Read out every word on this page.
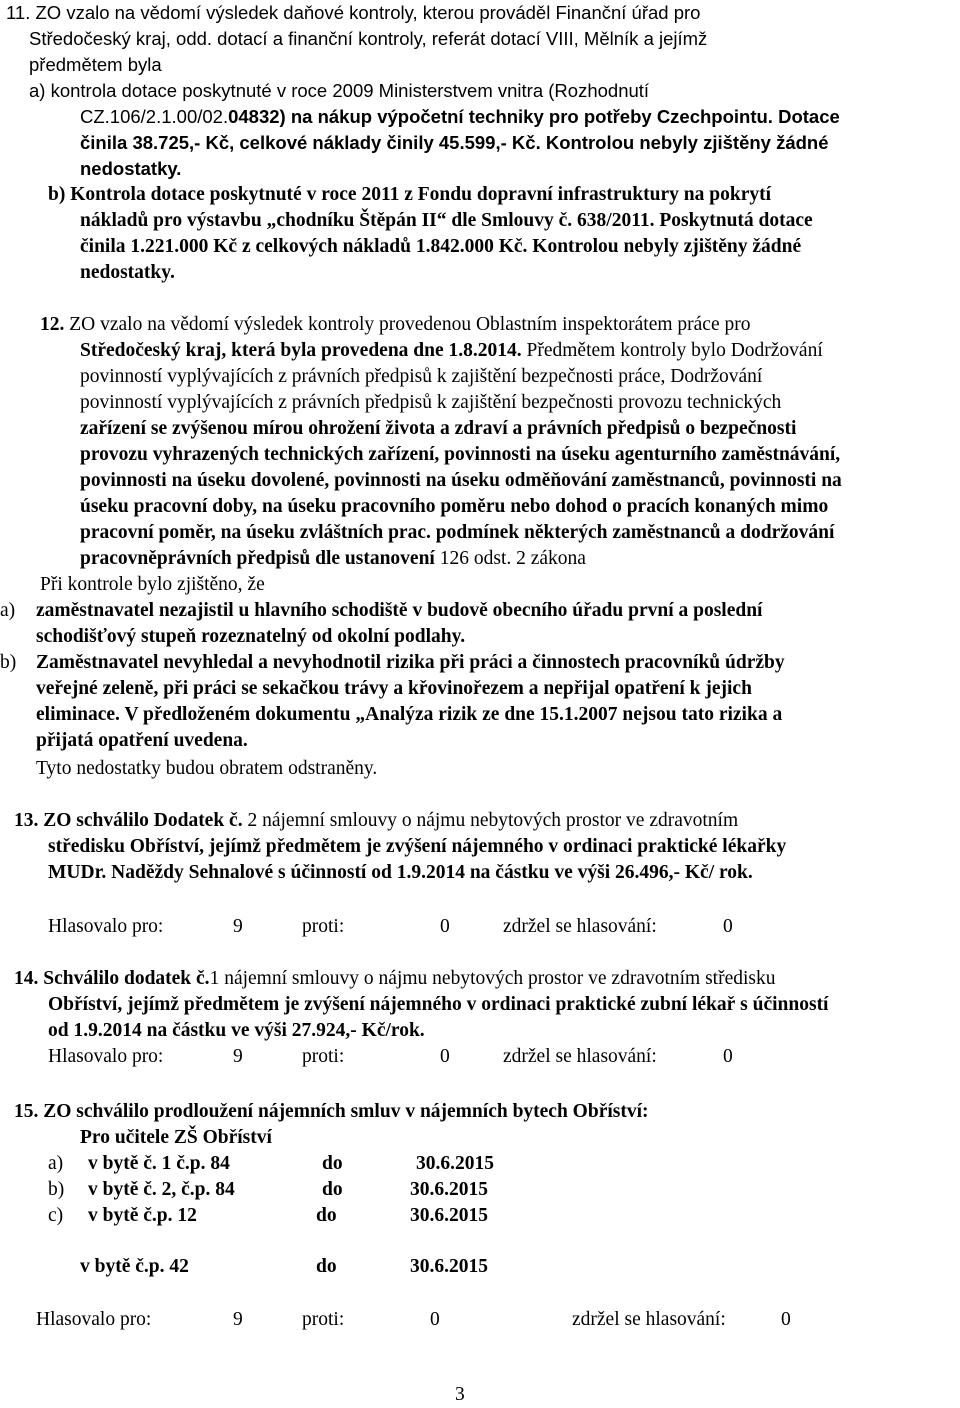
11. ZO vzalo na vědomí výsledek daňové kontroly, kterou prováděl Finanční úřad pro
Středočeský kraj, odd. dotací a finanční kontroly, referát dotací VIII, Mělník a jejímž
předmětem byla
a) kontrola dotace poskytnuté v roce 2009 Ministerstvem vnitra (Rozhodnutí
CZ.106/2.1.00/02.04832) na nákup výpočetní techniky pro potřeby Czechpointu. Dotace
činila 38.725,- Kč, celkové náklady činily 45.599,- Kč. Kontrolou nebyly zjištěny žádné
nedostatky.
b) Kontrola dotace poskytnuté v roce 2011 z Fondu dopravní infrastruktury na pokrytí
nákladů pro výstavbu „chodníku Štěpán II“ dle Smlouvy č. 638/2011. Poskytnutá dotace
činila 1.221.000 Kč z celkových nákladů 1.842.000 Kč. Kontrolou nebyly zjištěny žádné
nedostatky.
12. ZO vzalo na vědomí výsledek kontroly provedenou Oblastním inspektorátem práce pro
Středočeský kraj, která byla provedena dne 1.8.2014. Předmětem kontroly bylo Dodržování
povinností vyplývajících z právních předpisů k zajištění bezpečnosti práce, Dodržování
povinností vyplývajících z právních předpisů k zajištění bezpečnosti provozu technických
zařízení se zvýšenou mírou ohrožení života a zdraví a právních předpisů o bezpečnosti
provozu vyhrazených technických zařízení, povinnosti na úseku agenturního zaměstnávání,
povinnosti na úseku dovolené, povinnosti na úseku odměňování zaměstnanců, povinnosti na
úseku pracovní doby, na úseku pracovního poměru nebo dohod o pracích konaných mimo
pracovní poměr, na úseku zvláštních prac. podmínek některých zaměstnanců a dodržování
pracovněprávních předpisů dle ustanovení 126 odst. 2 zákona
Při kontrole bylo zjištěno, že
a) zaměstnavatel nezajistil u hlavního schodiště v budově obecního úřadu první a poslední
schodišťový stupeň rozeznatelný od okolní podlahy.
b) Zaměstnavatel nevyhledal a nevyhodnotil rizika při práci a činnostech pracovníků údržby
veřejné zeleně, při práci se sekačkou trávy a křovinořezem a nepřijal opatření k jejich
eliminace. V předloženém dokumentu „Analýza rizik ze dne 15.1.2007 nejsou tato rizika a
přijatá opatření uvedena.
Tyto nedostatky budou obratem odstraněny.
13. ZO schválilo Dodatek č. 2 nájemní smlouvy o nájmu nebytových prostor ve zdravotním
středisku Obříství, jejímž předmětem je zvýšení nájemného v ordinaci praktické lékařky
MUDr. Naděždy Sehnalové s účinností od 1.9.2014 na částku ve výši 26.496,- Kč/ rok.
Hlasovalo pro:	9	proti:	0	zdržel se hlasování:	0
14. Schválilo dodatek č.1 nájemní smlouvy o nájmu nebytových prostor ve zdravotním středisku
Obříství, jejímž předmětem je zvýšení nájemného v ordinaci praktické zubní lékař s účinností
od 1.9.2014 na částku ve výši 27.924,- Kč/rok.
Hlasovalo pro:	9	proti:	0	zdržel se hlasování:	0
15. ZO schválilo prodloužení nájemních smluv v nájemních bytech Obříství:
Pro učitele ZŠ Obříství
a) v bytě č. 1 č.p. 84	do	30.6.2015
b) v bytě č. 2, č.p. 84	do	30.6.2015
c) v bytě č.p. 12	do	30.6.2015
v bytě č.p. 42	do	30.6.2015
Hlasovalo pro:	9	proti:	0	zdržel se hlasování:	0
3
